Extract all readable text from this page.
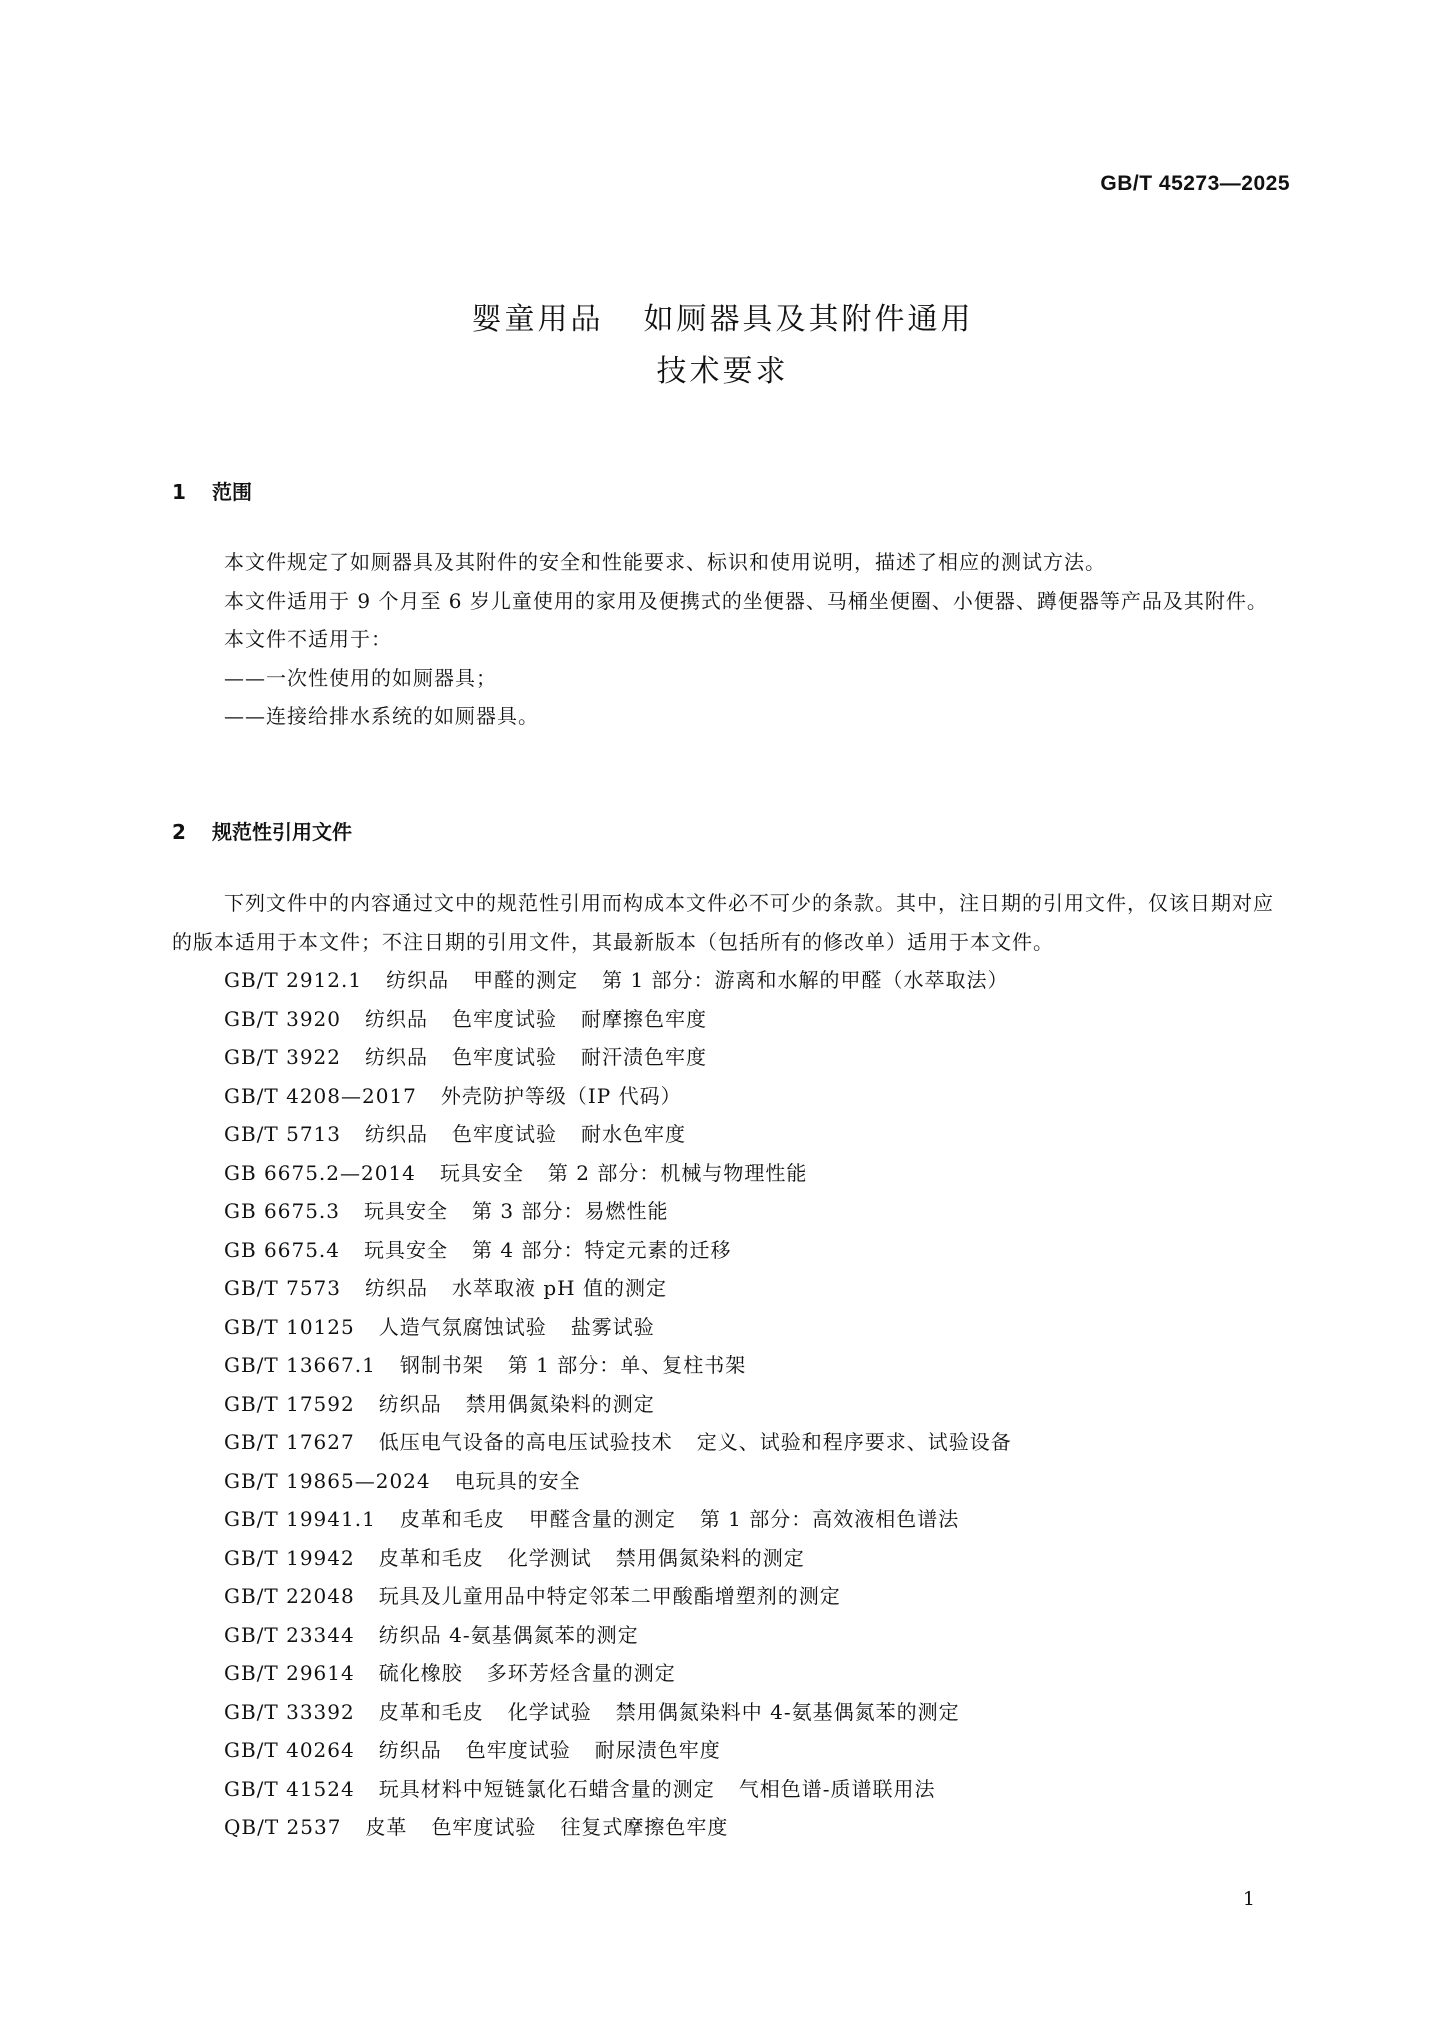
GB/T 45273—2025
婴童用品 如厕器具及其附件通用
技术要求
1 范围

本文件规定了如厕器具及其附件的安全和性能要求、标识和使用说明，描述了相应的测试方法。

本文件适用于 9 个月至 6 岁儿童使用的家用及便携式的坐便器、马桶坐便圈、小便器、蹲便器等产品及其附件。

本文件不适用于：

——一次性使用的如厕器具；

——连接给排水系统的如厕器具。

2 规范性引用文件

下列文件中的内容通过文中的规范性引用而构成本文件必不可少的条款。其中，注日期的引用文件，仅该日期对应的版本适用于本文件；不注日期的引用文件，其最新版本（包括所有的修改单）适用于本文件。

GB/T 2912.1 纺织品 甲醛的测定 第 1 部分：游离和水解的甲醛（水萃取法）

GB/T 3920 纺织品 色牢度试验 耐摩擦色牢度

GB/T 3922 纺织品 色牢度试验 耐汗渍色牢度

GB/T 4208—2017 外壳防护等级（IP 代码）

GB/T 5713 纺织品 色牢度试验 耐水色牢度

GB 6675.2—2014 玩具安全 第 2 部分：机械与物理性能

GB 6675.3 玩具安全 第 3 部分：易燃性能

GB 6675.4 玩具安全 第 4 部分：特定元素的迁移

GB/T 7573 纺织品 水萃取液 pH 值的测定

GB/T 10125 人造气氛腐蚀试验 盐雾试验

GB/T 13667.1 钢制书架 第 1 部分：单、复柱书架

GB/T 17592 纺织品 禁用偶氮染料的测定

GB/T 17627 低压电气设备的高电压试验技术 定义、试验和程序要求、试验设备

GB/T 19865—2024 电玩具的安全

GB/T 19941.1 皮革和毛皮 甲醛含量的测定 第 1 部分：高效液相色谱法

GB/T 19942 皮革和毛皮 化学测试 禁用偶氮染料的测定

GB/T 22048 玩具及儿童用品中特定邻苯二甲酸酯增塑剂的测定

GB/T 23344 纺织品 4-氨基偶氮苯的测定

GB/T 29614 硫化橡胶 多环芳烃含量的测定

GB/T 33392 皮革和毛皮 化学试验 禁用偶氮染料中 4-氨基偶氮苯的测定

GB/T 40264 纺织品 色牢度试验 耐尿渍色牢度

GB/T 41524 玩具材料中短链氯化石蜡含量的测定 气相色谱-质谱联用法

QB/T 2537 皮革 色牢度试验 往复式摩擦色牢度

1
